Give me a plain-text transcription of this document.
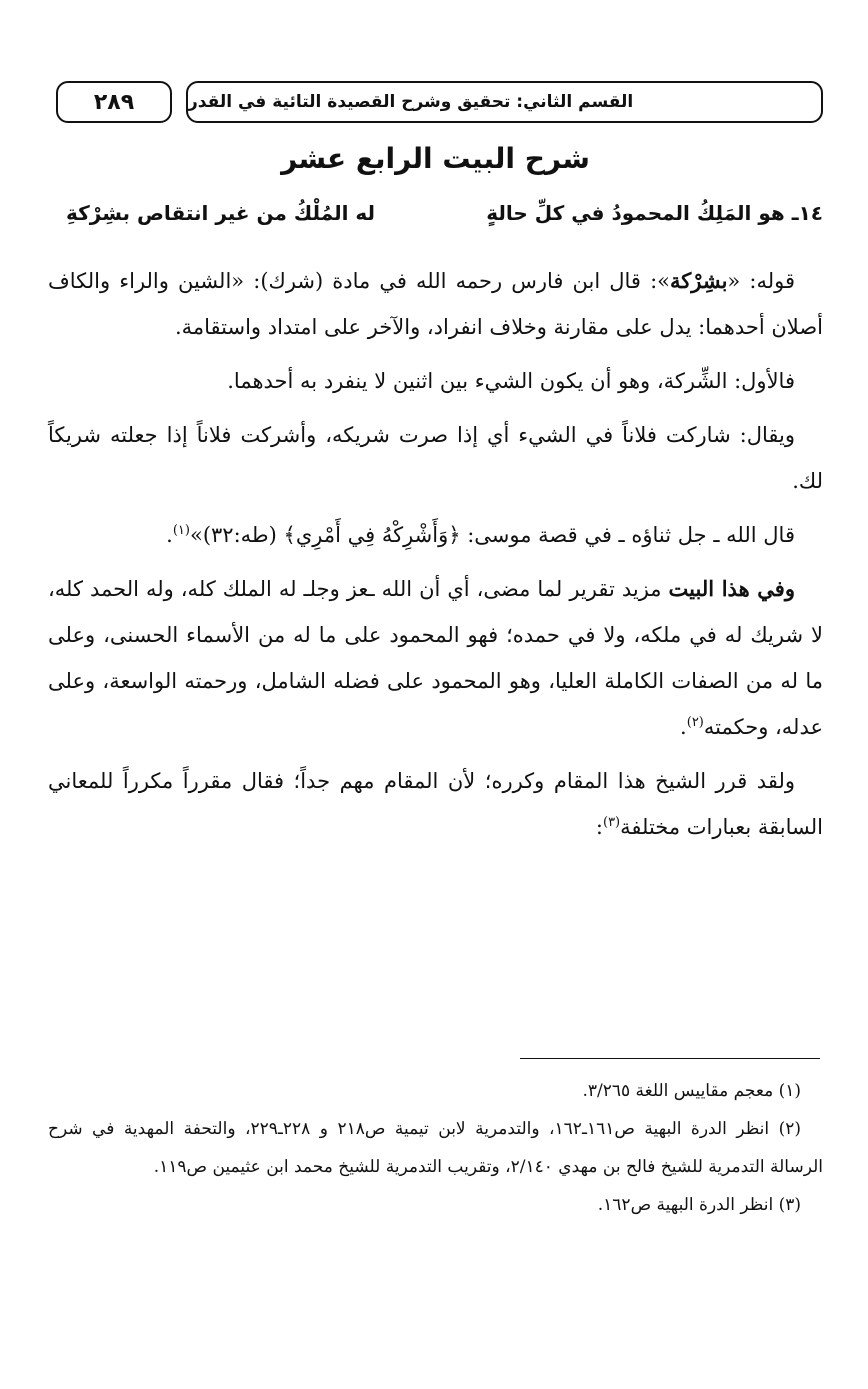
٢٨٩	القسم الثاني: تحقيق وشرح القصيدة التائية في القدر
شرح البيت الرابع عشر
١٤ـ هو المَلِكُ المحمودُ في كلِّ حالةٍ
له المُلْكُ من غير انتقاص بشِرْكةِ

قوله: «بشِرْكة»: قال ابن فارس رحمه الله في مادة (شرك): «الشين والراء والكاف أصلان أحدهما: يدل على مقارنة وخلاف انفراد، والآخر على امتداد واستقامة.

فالأول: الشِّركة، وهو أن يكون الشيء بين اثنين لا ينفرد به أحدهما.

ويقال: شاركت فلاناً في الشيء أي إذا صرت شريكه، وأشركت فلاناً إذا جعلته شريكاً لك.

قال الله ـ جل ثناؤه ـ في قصة موسى: ﴿وَأَشْرِكْهُ فِي أَمْرِي﴾ (طه:٣٢)»$^{(١)}$.

وفي هذا البيت مزيد تقرير لما مضى، أي أن الله ـعز وجلـ له الملك كله، وله الحمد كله، لا شريك له في ملكه، ولا في حمده؛ فهو المحمود على ما له من الأسماء الحسنى، وعلى ما له من الصفات الكاملة العليا، وهو المحمود على فضله الشامل، ورحمته الواسعة، وعلى عدله، وحكمته$^{(٢)}$.

ولقد قرر الشيخ هذا المقام وكرره؛ لأن المقام مهم جداً؛ فقال مقرراً مكرراً للمعاني السابقة بعبارات مختلفة$^{(٣)}$:

(١) معجم مقاييس اللغة ٣/٢٦٥.

(٢) انظر الدرة البهية ص١٦١ـ١٦٢، والتدمرية لابن تيمية ص٢١٨ و ٢٢٨ـ٢٢٩، والتحفة المهدية في شرح الرسالة التدمرية للشيخ فالح بن مهدي ٢/١٤٠، وتقريب التدمرية للشيخ محمد ابن عثيمين ص١١٩.

(٣) انظر الدرة البهية ص١٦٢.
